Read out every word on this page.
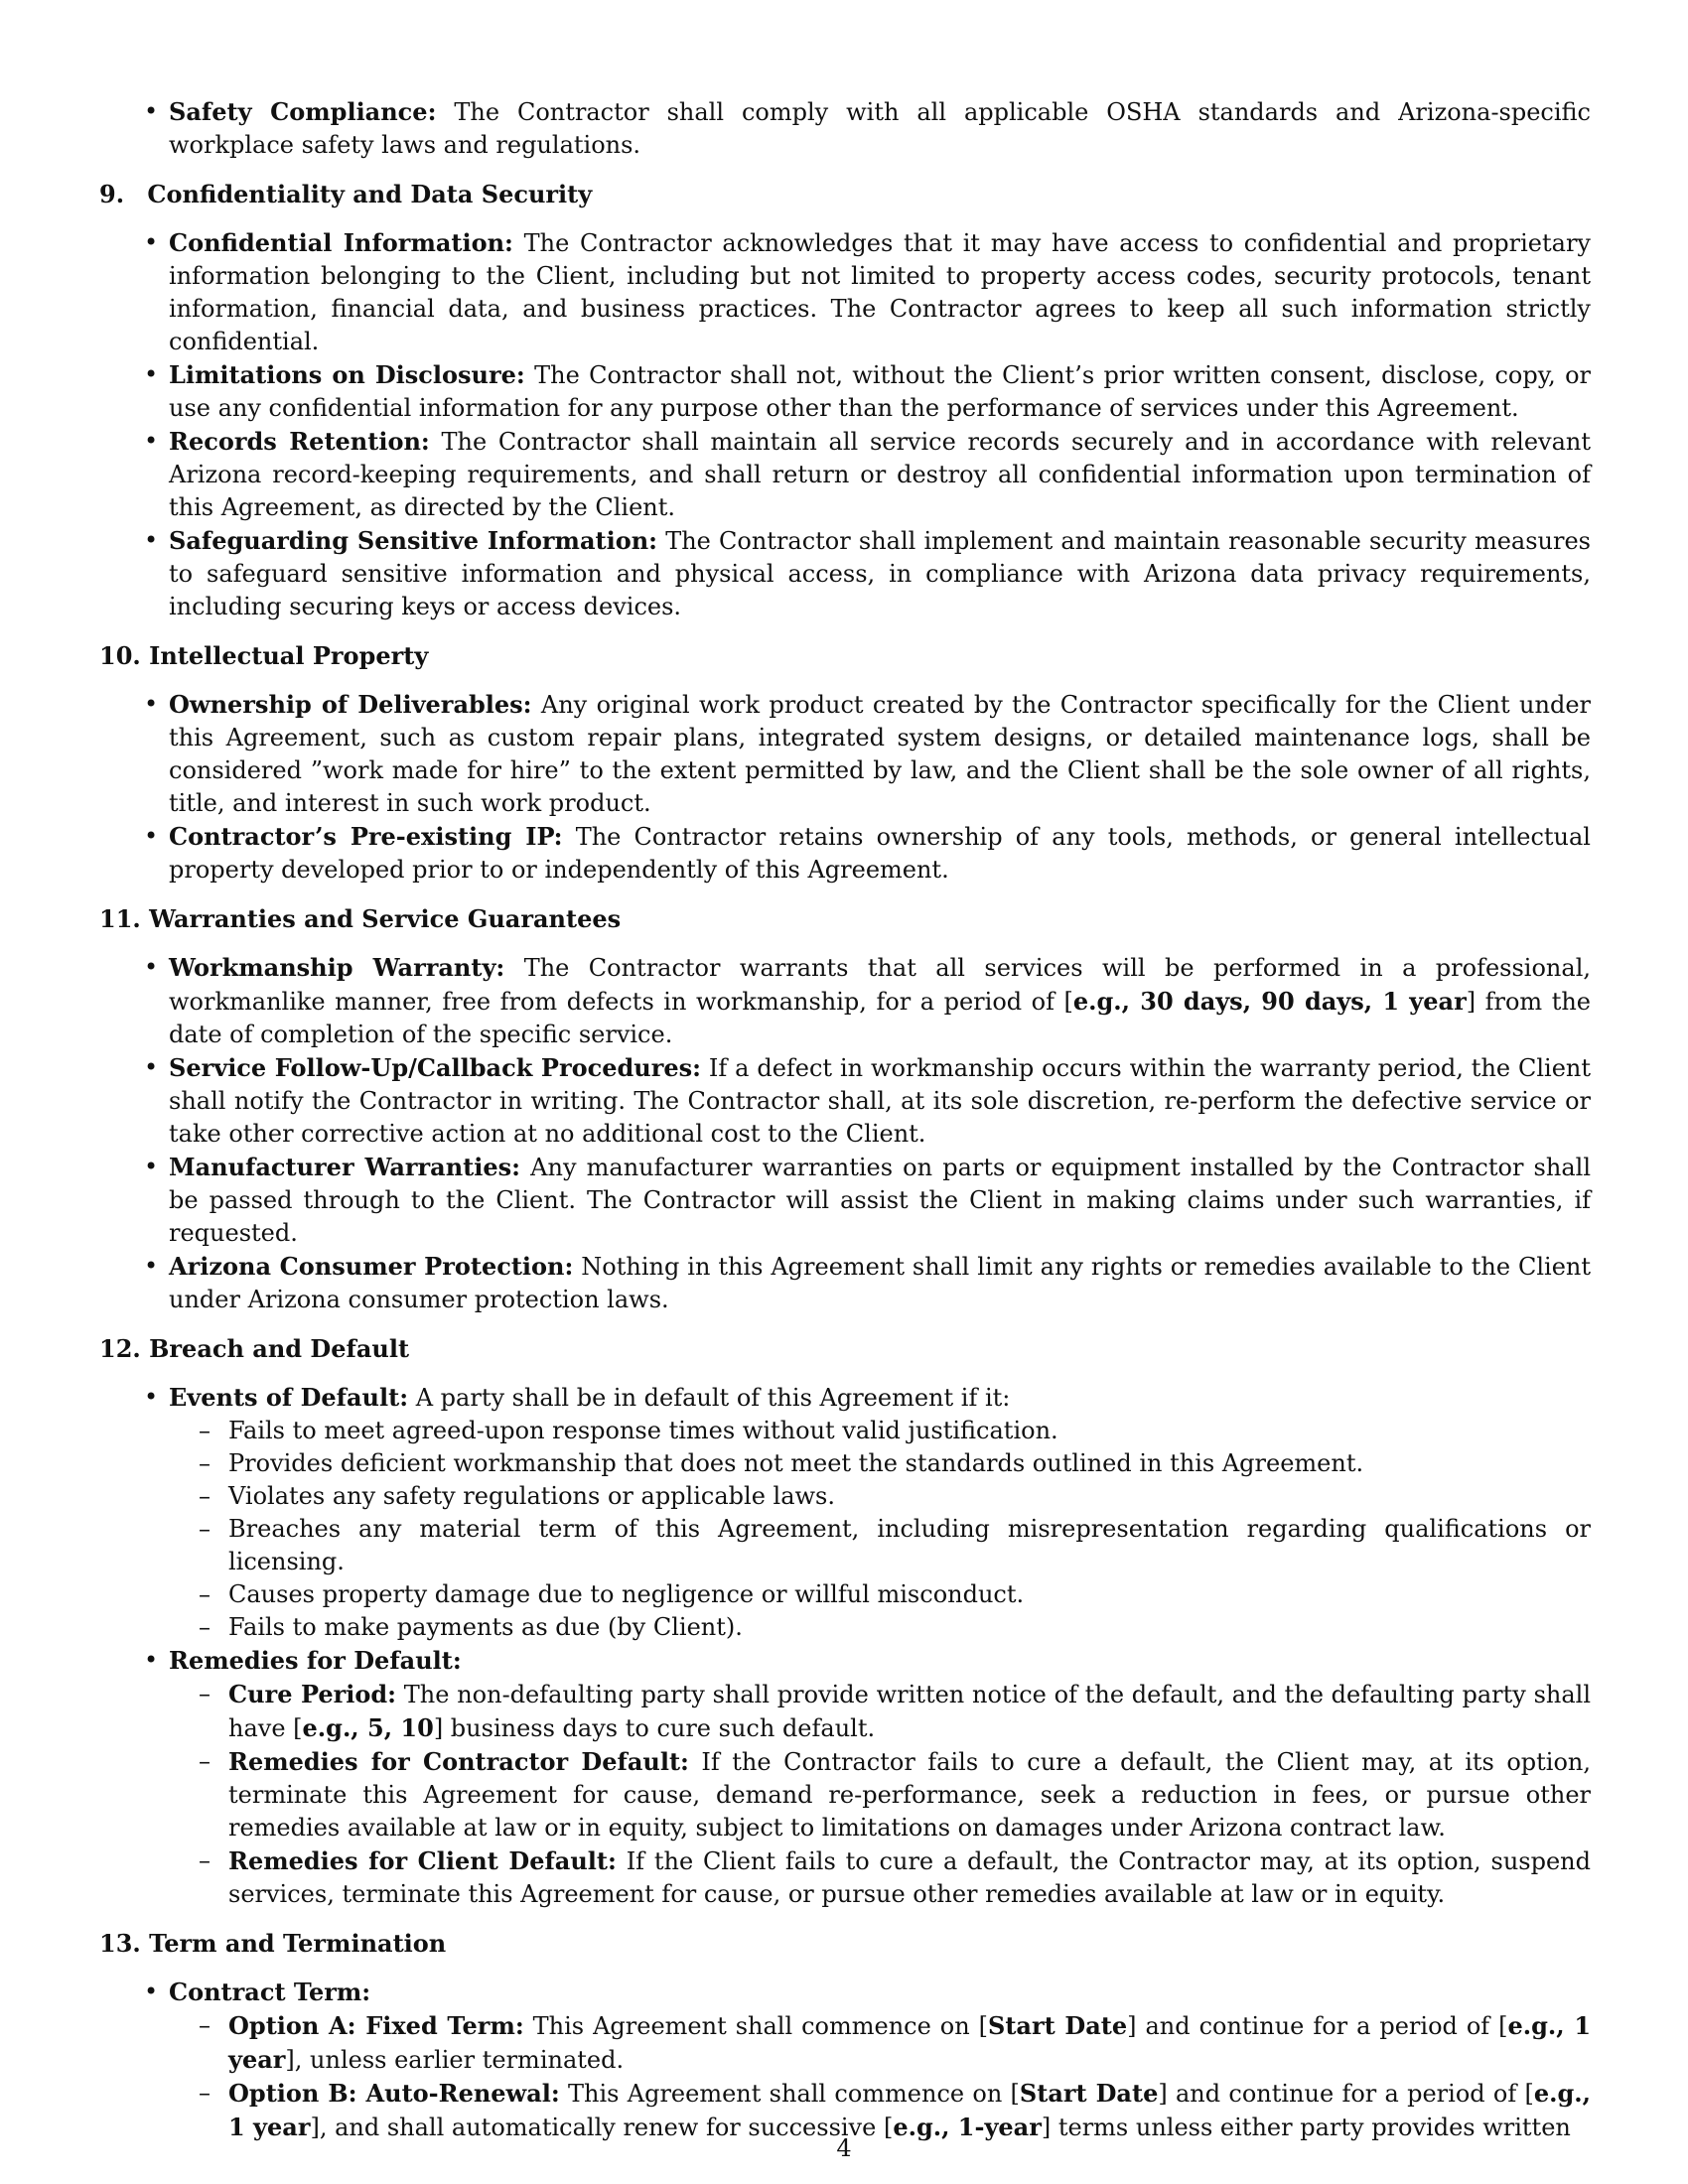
• Safety Compliance: The Contractor shall comply with all applicable OSHA standards and Arizona-specific workplace safety laws and regulations.
9. Confidentiality and Data Security
• Confidential Information: The Contractor acknowledges that it may have access to confidential and proprietary information belonging to the Client, including but not limited to property access codes, security protocols, tenant information, financial data, and business practices. The Contractor agrees to keep all such information strictly confidential.
• Limitations on Disclosure: The Contractor shall not, without the Client’s prior written consent, disclose, copy, or use any confidential information for any purpose other than the performance of services under this Agreement.
• Records Retention: The Contractor shall maintain all service records securely and in accordance with relevant Arizona record-keeping requirements, and shall return or destroy all confidential information upon termination of this Agreement, as directed by the Client.
• Safeguarding Sensitive Information: The Contractor shall implement and maintain reasonable security measures to safeguard sensitive information and physical access, in compliance with Arizona data privacy requirements, including securing keys or access devices.
10. Intellectual Property
• Ownership of Deliverables: Any original work product created by the Contractor specifically for the Client under this Agreement, such as custom repair plans, integrated system designs, or detailed maintenance logs, shall be considered ”work made for hire” to the extent permitted by law, and the Client shall be the sole owner of all rights, title, and interest in such work product.
• Contractor’s Pre-existing IP: The Contractor retains ownership of any tools, methods, or general intellectual property developed prior to or independently of this Agreement.
11. Warranties and Service Guarantees
• Workmanship Warranty: The Contractor warrants that all services will be performed in a professional, workmanlike manner, free from defects in workmanship, for a period of [e.g., 30 days, 90 days, 1 year] from the date of completion of the specific service.
• Service Follow-Up/Callback Procedures: If a defect in workmanship occurs within the warranty period, the Client shall notify the Contractor in writing. The Contractor shall, at its sole discretion, re-perform the defective service or take other corrective action at no additional cost to the Client.
• Manufacturer Warranties: Any manufacturer warranties on parts or equipment installed by the Contractor shall be passed through to the Client. The Contractor will assist the Client in making claims under such warranties, if requested.
• Arizona Consumer Protection: Nothing in this Agreement shall limit any rights or remedies available to the Client under Arizona consumer protection laws.
12. Breach and Default
• Events of Default: A party shall be in default of this Agreement if it:
– Fails to meet agreed-upon response times without valid justification.
– Provides deficient workmanship that does not meet the standards outlined in this Agreement.
– Violates any safety regulations or applicable laws.
– Breaches any material term of this Agreement, including misrepresentation regarding qualifications or licensing.
– Causes property damage due to negligence or willful misconduct.
– Fails to make payments as due (by Client).
• Remedies for Default:
– Cure Period: The non-defaulting party shall provide written notice of the default, and the defaulting party shall have [e.g., 5, 10] business days to cure such default.
– Remedies for Contractor Default: If the Contractor fails to cure a default, the Client may, at its option, terminate this Agreement for cause, demand re-performance, seek a reduction in fees, or pursue other remedies available at law or in equity, subject to limitations on damages under Arizona contract law.
– Remedies for Client Default: If the Client fails to cure a default, the Contractor may, at its option, suspend services, terminate this Agreement for cause, or pursue other remedies available at law or in equity.
13. Term and Termination
• Contract Term:
– Option A: Fixed Term: This Agreement shall commence on [Start Date] and continue for a period of [e.g., 1 year], unless earlier terminated.
– Option B: Auto-Renewal: This Agreement shall commence on [Start Date] and continue for a period of [e.g., 1 year], and shall automatically renew for successive [e.g., 1-year] terms unless either party provides written
4
